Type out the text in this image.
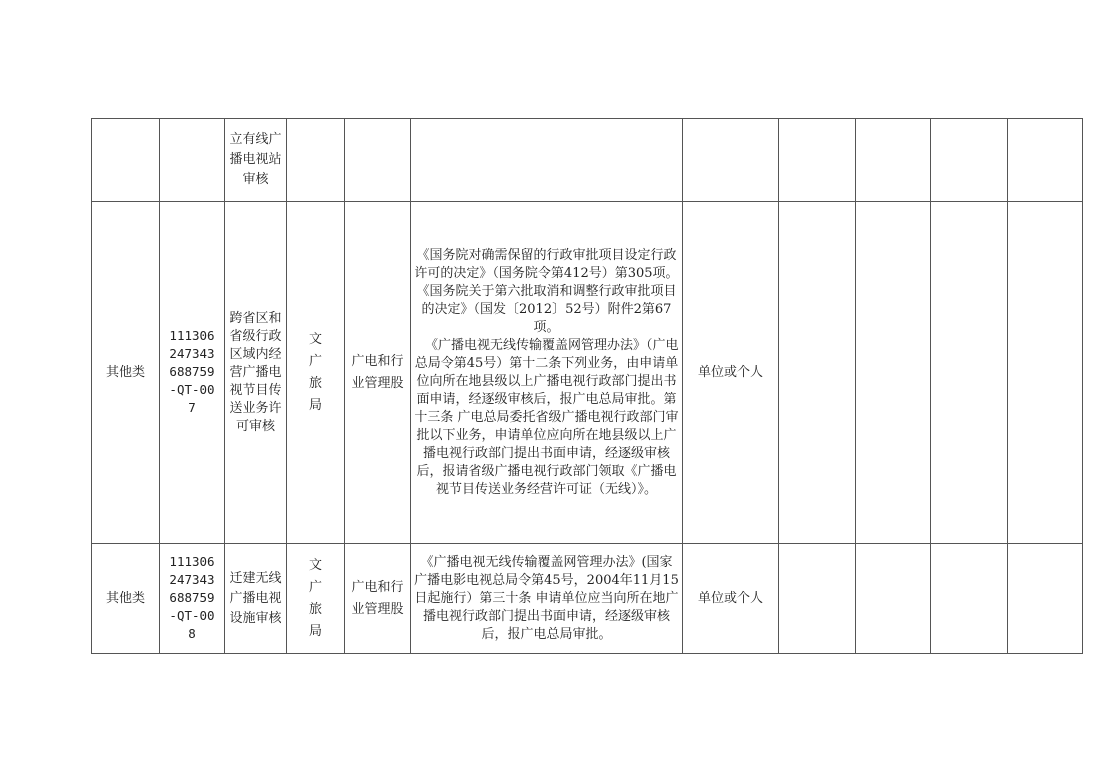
		立有线广播电视站审核								
其他类	111306247343688759-QT-007	跨省区和省级行政区域内经营广播电视节目传送业务许可审核	文广旅局	广电和行业管理股	《国务院对确需保留的行政审批项目设定行政许可的决定》（国务院令第412号）第305项。

《国务院关于第六批取消和调整行政审批项目的决定》（国发〔2012〕52号）附件2第67项。

《广播电视无线传输覆盖网管理办法》（广电总局令第45号）第十二条下列业务，由申请单位向所在地县级以上广播电视行政部门提出书面申请，经逐级审核后，报广电总局审批。第十三条 广电总局委托省级广播电视行政部门审批以下业务，申请单位应向所在地县级以上广播电视行政部门提出书面申请，经逐级审核后，报请省级广播电视行政部门领取《广播电视节目传送业务经营许可证（无线）》。	单位或个人				
其他类	111306247343688759-QT-008	迁建无线广播电视设施审核	文广旅局	广电和行业管理股	《广播电视无线传输覆盖网管理办法》(国家广播电影电视总局令第45号，2004年11月15日起施行）第三十条 申请单位应当向所在地广播电视行政部门提出书面申请，经逐级审核后，报广电总局审批。	单位或个人				
